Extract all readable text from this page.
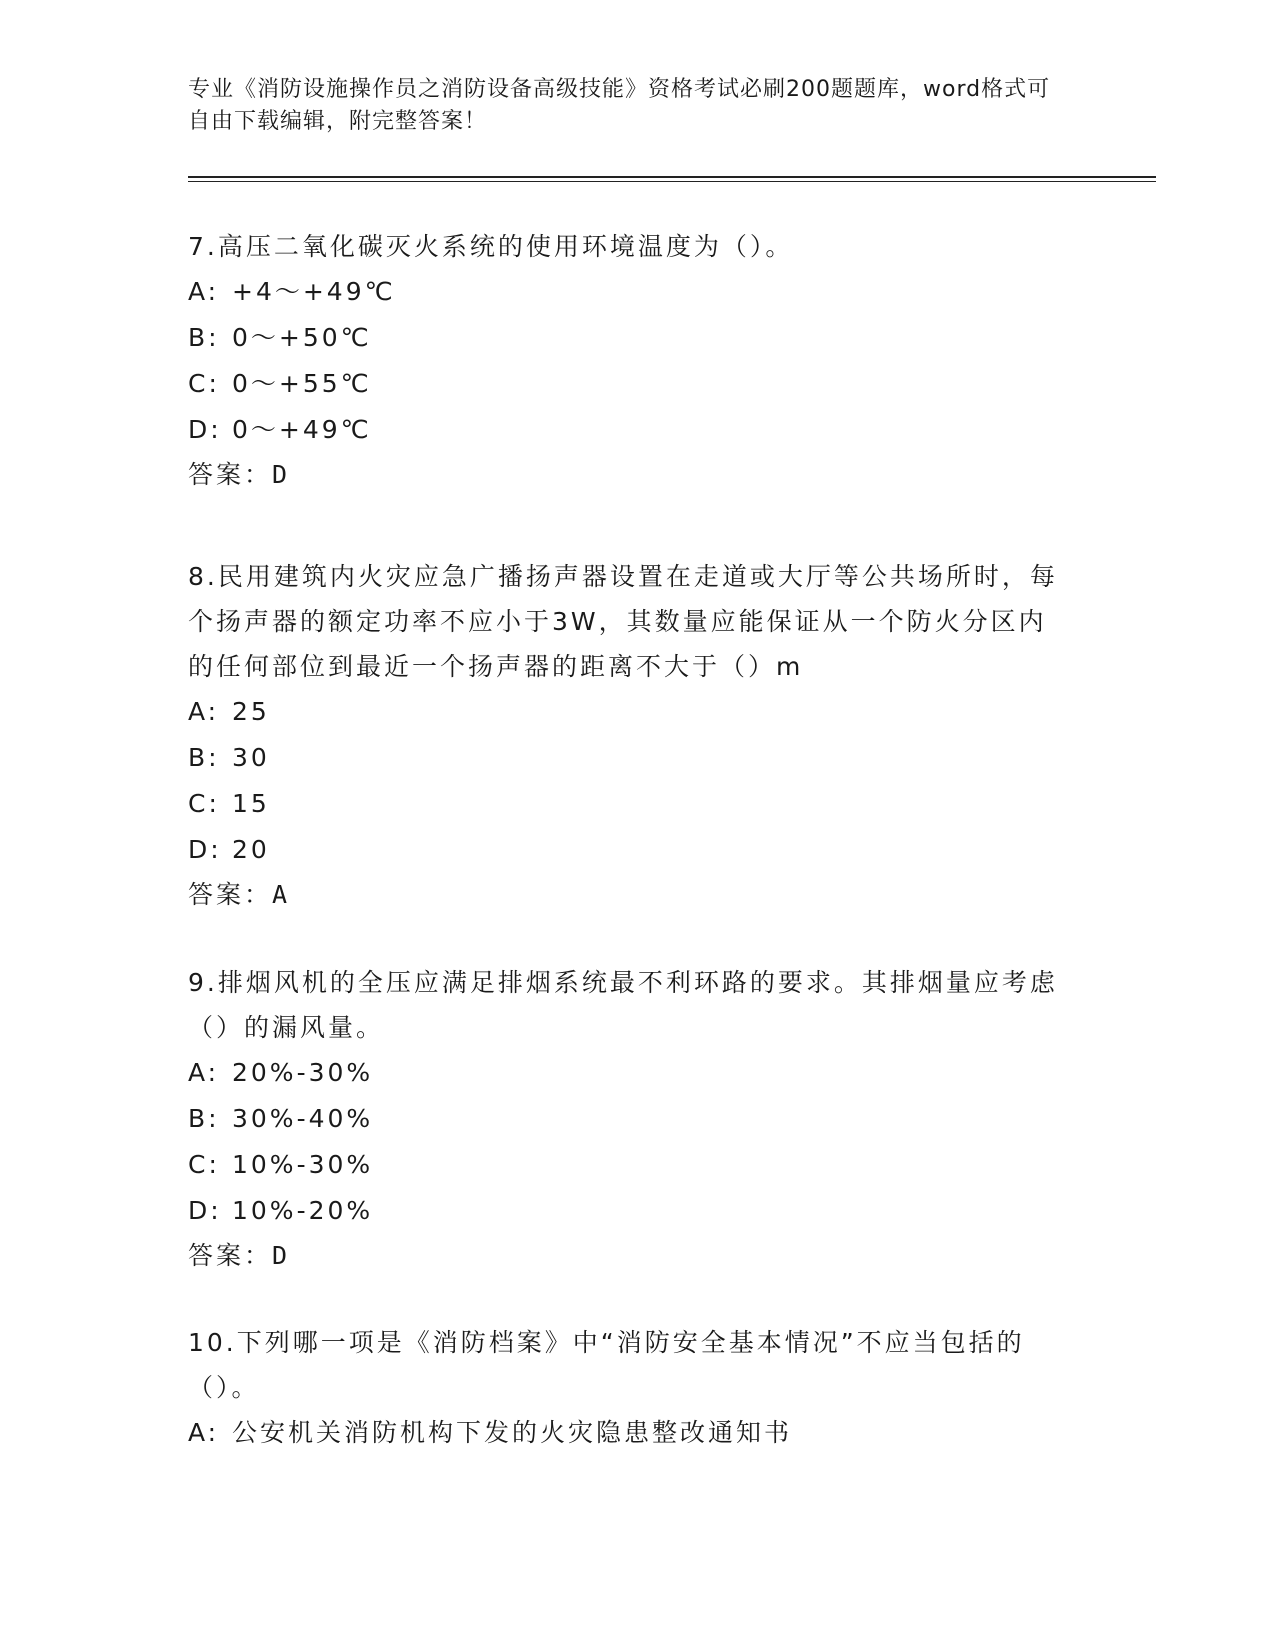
专业《消防设施操作员之消防设备高级技能》资格考试必刷200题题库，word格式可自由下载编辑，附完整答案！

7.高压二氧化碳灭火系统的使用环境温度为（）。

A: +4～+49℃

B: 0～+50℃

C: 0～+55℃

D: 0～+49℃

答案：D

8.民用建筑内火灾应急广播扬声器设置在走道或大厅等公共场所时，每个扬声器的额定功率不应小于3W，其数量应能保证从一个防火分区内的任何部位到最近一个扬声器的距离不大于（）m

A: 25

B: 30

C: 15

D: 20

答案：A

9.排烟风机的全压应满足排烟系统最不利环路的要求。其排烟量应考虑（）的漏风量。

A: 20%-30%

B: 30%-40%

C: 10%-30%

D: 10%-20%

答案：D

10.下列哪一项是《消防档案》中“消防安全基本情况”不应当包括的（）。

A: 公安机关消防机构下发的火灾隐患整改通知书
